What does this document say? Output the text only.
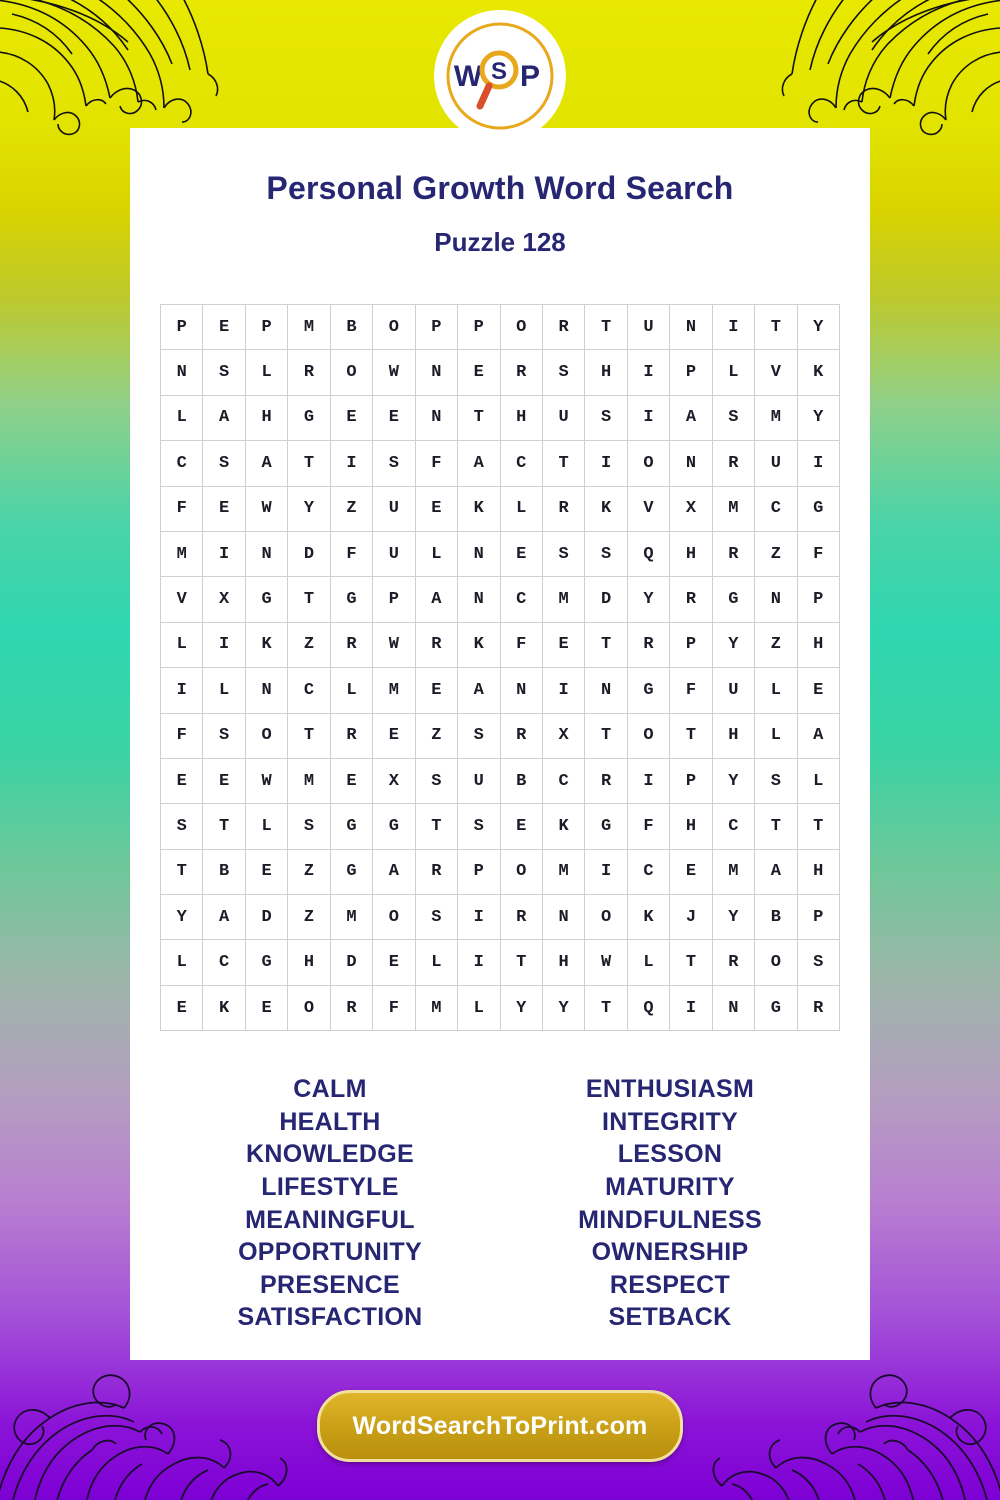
W P
S
Personal Growth Word Search
Puzzle 128
P	E	P	M	B	O	P	P	O	R	T	U	N	I	T	Y
N	S	L	R	O	W	N	E	R	S	H	I	P	L	V	K
L	A	H	G	E	E	N	T	H	U	S	I	A	S	M	Y
C	S	A	T	I	S	F	A	C	T	I	O	N	R	U	I
F	E	W	Y	Z	U	E	K	L	R	K	V	X	M	C	G
M	I	N	D	F	U	L	N	E	S	S	Q	H	R	Z	F
V	X	G	T	G	P	A	N	C	M	D	Y	R	G	N	P
L	I	K	Z	R	W	R	K	F	E	T	R	P	Y	Z	H
I	L	N	C	L	M	E	A	N	I	N	G	F	U	L	E
F	S	O	T	R	E	Z	S	R	X	T	O	T	H	L	A
E	E	W	M	E	X	S	U	B	C	R	I	P	Y	S	L
S	T	L	S	G	G	T	S	E	K	G	F	H	C	T	T
T	B	E	Z	G	A	R	P	O	M	I	C	E	M	A	H
Y	A	D	Z	M	O	S	I	R	N	O	K	J	Y	B	P
L	C	G	H	D	E	L	I	T	H	W	L	T	R	O	S
E	K	E	O	R	F	M	L	Y	Y	T	Q	I	N	G	R
CALM
HEALTH
KNOWLEDGE
LIFESTYLE
MEANINGFUL
OPPORTUNITY
PRESENCE
SATISFACTION
ENTHUSIASM
INTEGRITY
LESSON
MATURITY
MINDFULNESS
OWNERSHIP
RESPECT
SETBACK
WordSearchToPrint.com
